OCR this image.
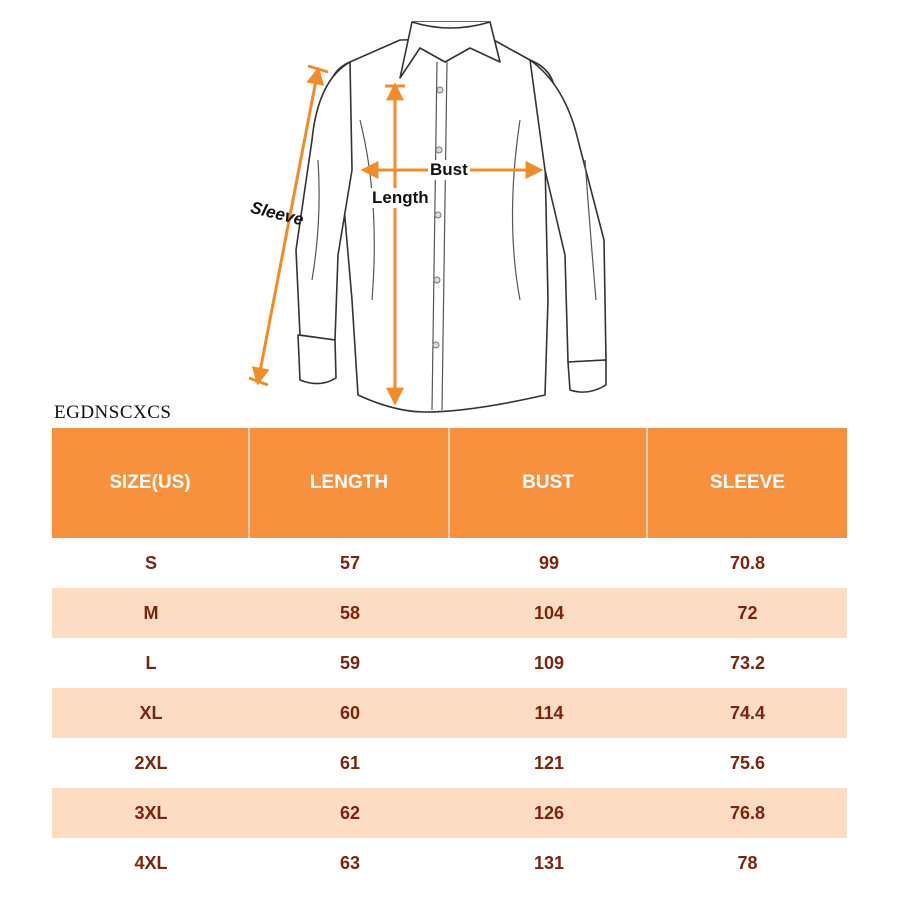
Bust
Length
Sleeve
EGDNSCXCS
SIZE(US)	LENGTH	BUST	SLEEVE
S	57	99	70.8
M	58	104	72
L	59	109	73.2
XL	60	114	74.4
2XL	61	121	75.6
3XL	62	126	76.8
4XL	63	131	78
